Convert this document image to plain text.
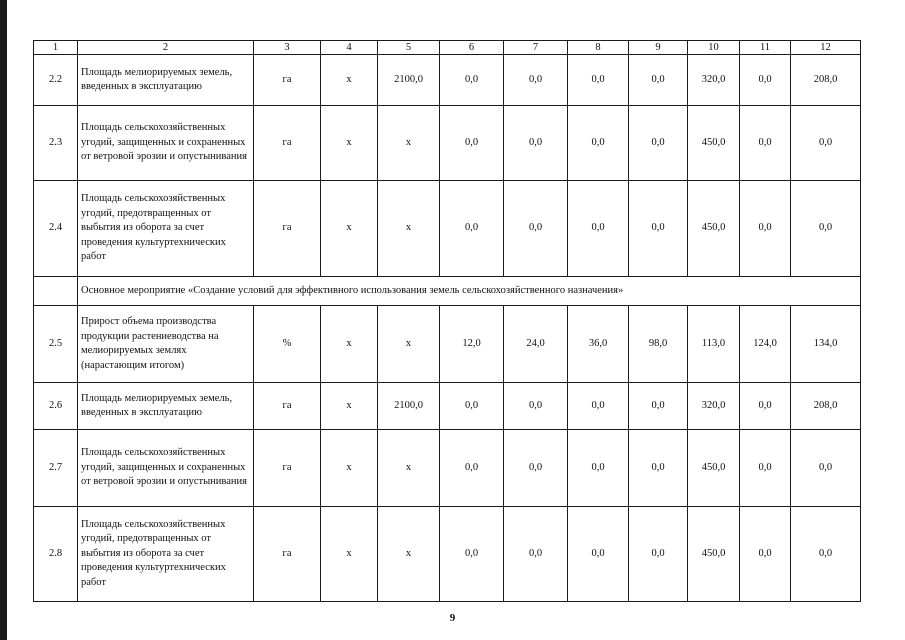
1	2	3	4	5	6	7	8	9	10	11	12
2.2	Площадь мелиорируемых земель, введенных в эксплуатацию	га	х	2100,0	0,0	0,0	0,0	0,0	320,0	0,0	208,0
2.3	Площадь сельскохозяйственных угодий, защищенных и сохраненных от ветровой эрозии и опустынивания	га	х	х	0,0	0,0	0,0	0,0	450,0	0,0	0,0
2.4	Площадь сельскохозяйственных угодий, предотвращенных от выбытия из оборота за счет проведения культуртехнических работ	га	х	х	0,0	0,0	0,0	0,0	450,0	0,0	0,0
	Основное мероприятие «Создание условий для эффективного использования земель сельскохозяйственного назначения»										
2.5	Прирост объема производства продукции растениеводства на мелиорируемых землях (нарастающим итогом)	%	х	х	12,0	24,0	36,0	98,0	113,0	124,0	134,0
2.6	Площадь мелиорируемых земель, введенных в эксплуатацию	га	х	2100,0	0,0	0,0	0,0	0,0	320,0	0,0	208,0
2.7	Площадь сельскохозяйственных угодий, защищенных и сохраненных от ветровой эрозии и опустынивания	га	х	х	0,0	0,0	0,0	0,0	450,0	0,0	0,0
2.8	Площадь сельскохозяйственных угодий, предотвращенных от выбытия из оборота за счет проведения культуртехнических работ	га	х	х	0,0	0,0	0,0	0,0	450,0	0,0	0,0
9
